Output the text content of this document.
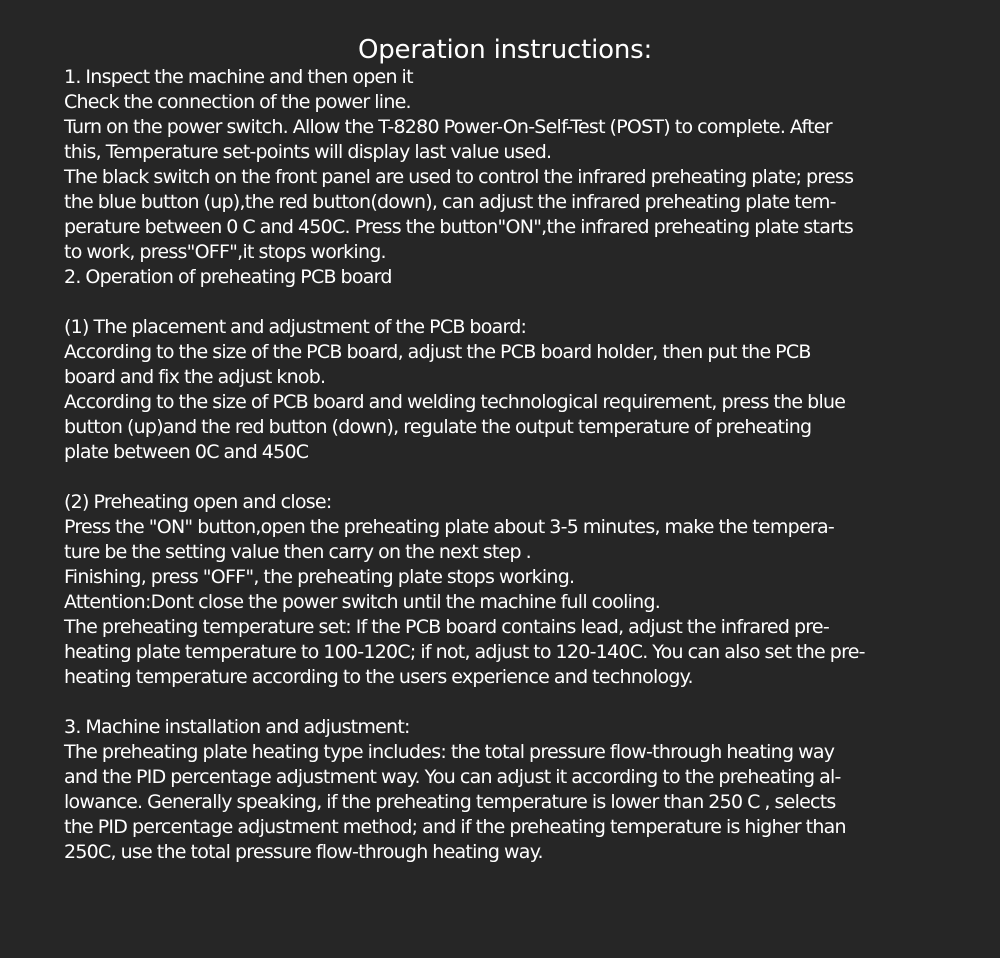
Operation instructions:
1. Inspect the machine and then open it
Check the connection of the power line.
Turn on the power switch. Allow the T-8280 Power-On-Self-Test (POST) to complete. After
this, Temperature set-points will display last value used.
The black switch on the front panel are used to control the infrared preheating plate; press
the blue button (up),the red button(down), can adjust the infrared preheating plate tem-
perature between 0 C and 450C. Press the button"ON",the infrared preheating plate starts
to work, press"OFF",it stops working.
2. Operation of preheating PCB board
(1) The placement and adjustment of the PCB board:
According to the size of the PCB board, adjust the PCB board holder, then put the PCB
board and fix the adjust knob.
According to the size of PCB board and welding technological requirement, press the blue
button (up)and the red button (down), regulate the output temperature of preheating
plate between 0C and 450C
(2) Preheating open and close:
Press the "ON" button,open the preheating plate about 3-5 minutes, make the tempera-
ture be the setting value then carry on the next step .
Finishing, press "OFF", the preheating plate stops working.
Attention:Dont close the power switch until the machine full cooling.
The preheating temperature set: If the PCB board contains lead, adjust the infrared pre-
heating plate temperature to 100-120C; if not, adjust to 120-140C. You can also set the pre-
heating temperature according to the users experience and technology.
3. Machine installation and adjustment:
The preheating plate heating type includes: the total pressure flow-through heating way
and the PID percentage adjustment way. You can adjust it according to the preheating al-
lowance. Generally speaking, if the preheating temperature is lower than 250 C , selects
the PID percentage adjustment method; and if the preheating temperature is higher than
250C, use the total pressure flow-through heating way.
